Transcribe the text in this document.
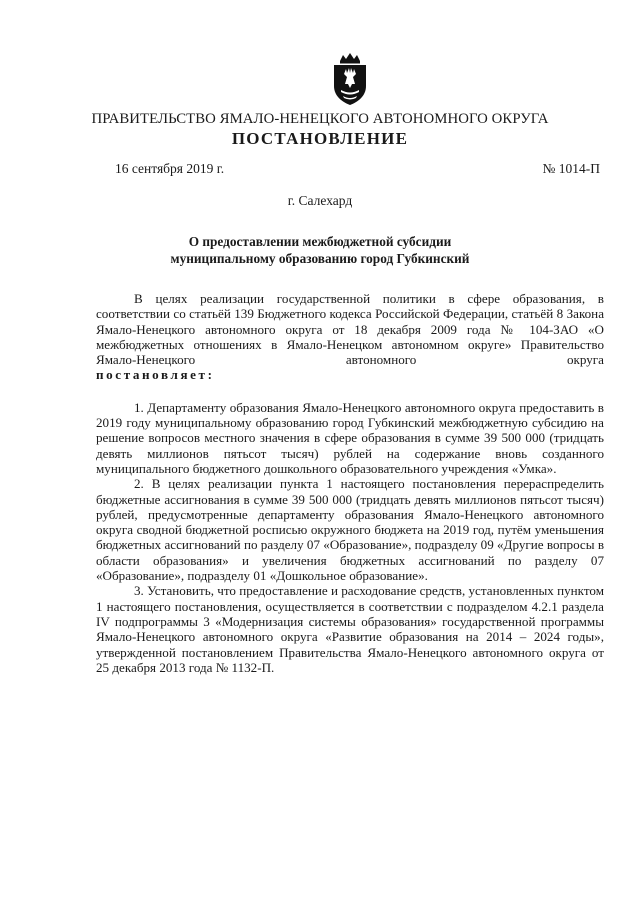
ПРАВИТЕЛЬСТВО ЯМАЛО-НЕНЕЦКОГО АВТОНОМНОГО ОКРУГА
ПОСТАНОВЛЕНИЕ
16 сентября 2019 г.	№ 1014-П
г. Салехард
О предоставлении межбюджетной субсидии
муниципальному образованию город Губкинский

В целях реализации государственной политики в сфере образования, в соответствии со статьёй 139 Бюджетного кодекса Российской Федерации, статьёй 8 Закона Ямало-Ненецкого автономного округа от 18 декабря 2009 года № 104-ЗАО «О межбюджетных отношениях в Ямало-Ненецком автономном округе» Правительство Ямало-Ненецкого автономного округа

постановляет:

1. Департаменту образования Ямало-Ненецкого автономного округа предоставить в 2019 году муниципальному образованию город Губкинский межбюджетную субсидию на решение вопросов местного значения в сфере образования в сумме 39 500 000 (тридцать девять миллионов пятьсот тысяч) рублей на содержание вновь созданного муниципального бюджетного дошкольного образовательного учреждения «Умка».

2. В целях реализации пункта 1 настоящего постановления перераспределить бюджетные ассигнования в сумме 39 500 000 (тридцать девять миллионов пятьсот тысяч) рублей, предусмотренные департаменту образования Ямало-Ненецкого автономного округа сводной бюджетной росписью окружного бюджета на 2019 год, путём уменьшения бюджетных ассигнований по разделу 07 «Образование», подразделу 09 «Другие вопросы в области образования» и увеличения бюджетных ассигнований по разделу 07 «Образование», подразделу 01 «Дошкольное образование».

3. Установить, что предоставление и расходование средств, установленных пунктом 1 настоящего постановления, осуществляется в соответствии с подразделом 4.2.1 раздела IV подпрограммы 3 «Модернизация системы образования» государственной программы Ямало-Ненецкого автономного округа «Развитие образования на 2014 – 2024 годы», утвержденной постановлением Правительства Ямало-Ненецкого автономного округа от 25 декабря 2013 года № 1132-П.
